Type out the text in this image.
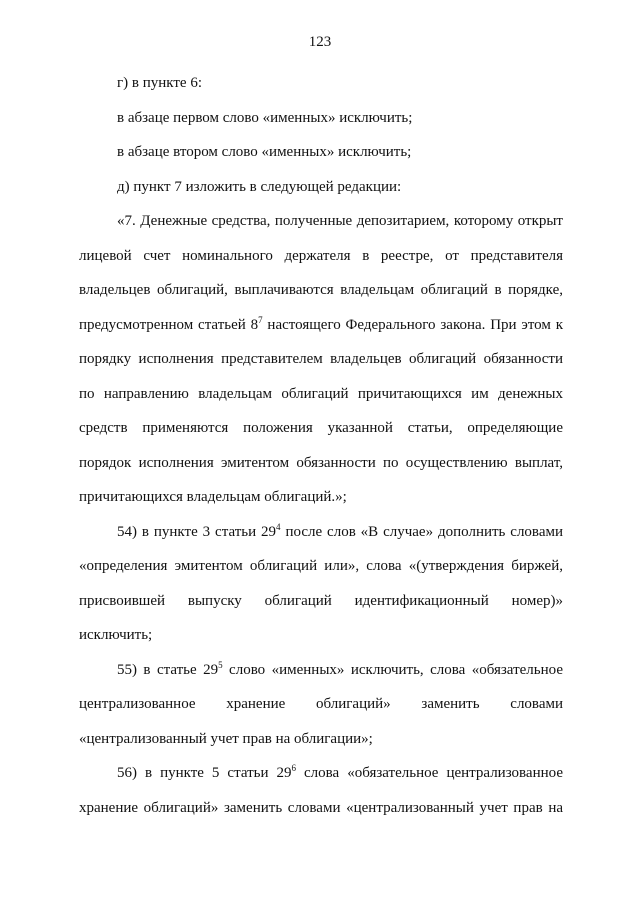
123

г) в пункте 6:

в абзаце первом слово «именных» исключить;

в абзаце втором слово «именных» исключить;

д) пункт 7 изложить в следующей редакции:

«7. Денежные средства, полученные депозитарием, которому открыт лицевой счет номинального держателя в реестре, от представителя владельцев облигаций, выплачиваются владельцам облигаций в порядке, предусмотренном статьей $8^7$ настоящего Федерального закона. При этом к порядку исполнения представителем владельцев облигаций обязанности по направлению владельцам облигаций причитающихся им денежных средств применяются положения указанной статьи, определяющие порядок исполнения эмитентом обязанности по осуществлению выплат, причитающихся владельцам облигаций.»;

54) в пункте 3 статьи $29^4$ после слов «В случае» дополнить словами «определения эмитентом облигаций или», слова «(утверждения биржей, присвоившей выпуску облигаций идентификационный номер)» исключить;

55) в статье $29^5$ слово «именных» исключить, слова «обязательное централизованное хранение облигаций» заменить словами «централизованный учет прав на облигации»;

56) в пункте 5 статьи $29^6$ слова «обязательное централизованное хранение облигаций» заменить словами «централизованный учет прав на
